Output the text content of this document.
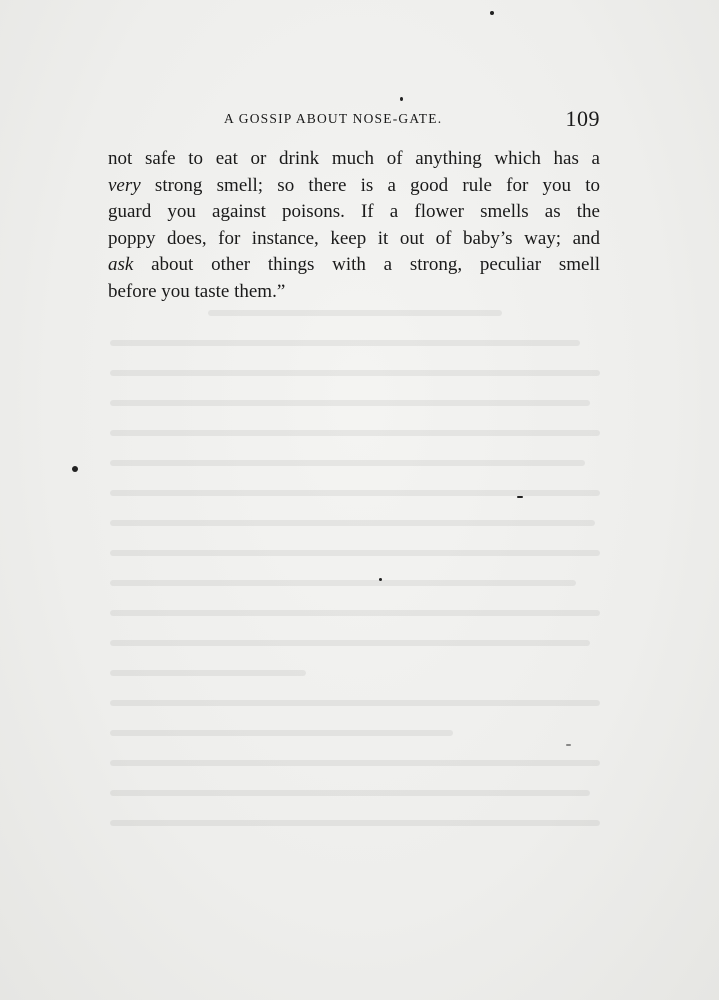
A GOSSIP ABOUT NOSE-GATE.	109
not safe to eat or drink much of anything which has a
very strong smell; so there is a good rule for you to
guard you against poisons. If a flower smells as the
poppy does, for instance, keep it out of baby’s way; and
ask about other things with a strong, peculiar smell
before you taste them.”
